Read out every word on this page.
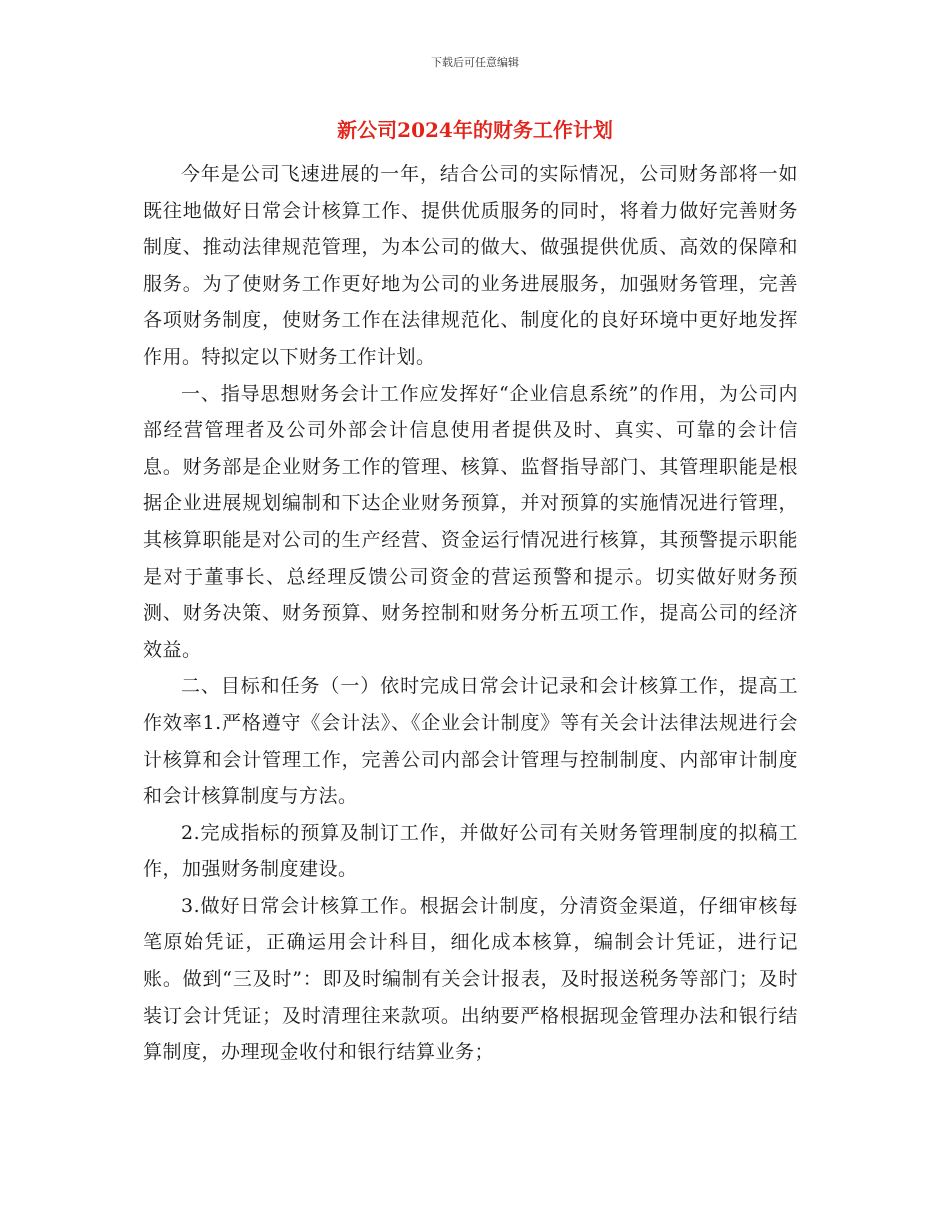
下载后可任意编辑
新公司2024年的财务工作计划

今年是公司飞速进展的一年，结合公司的实际情况，公司财务部将一如既往地做好日常会计核算工作、提供优质服务的同时，将着力做好完善财务制度、推动法律规范管理，为本公司的做大、做强提供优质、高效的保障和服务。为了使财务工作更好地为公司的业务进展服务，加强财务管理，完善各项财务制度，使财务工作在法律规范化、制度化的良好环境中更好地发挥作用。特拟定以下财务工作计划。

一、指导思想财务会计工作应发挥好“企业信息系统”的作用，为公司内部经营管理者及公司外部会计信息使用者提供及时、真实、可靠的会计信息。财务部是企业财务工作的管理、核算、监督指导部门、其管理职能是根据企业进展规划编制和下达企业财务预算，并对预算的实施情况进行管理，其核算职能是对公司的生产经营、资金运行情况进行核算，其预警提示职能是对于董事长、总经理反馈公司资金的营运预警和提示。切实做好财务预测、财务决策、财务预算、财务控制和财务分析五项工作，提高公司的经济效益。

二、目标和任务（一）依时完成日常会计记录和会计核算工作，提高工作效率1.严格遵守《会计法》、《企业会计制度》等有关会计法律法规进行会计核算和会计管理工作，完善公司内部会计管理与控制制度、内部审计制度和会计核算制度与方法。

2.完成指标的预算及制订工作，并做好公司有关财务管理制度的拟稿工作，加强财务制度建设。

3.做好日常会计核算工作。根据会计制度，分清资金渠道，仔细审核每笔原始凭证，正确运用会计科目，细化成本核算，编制会计凭证，进行记账。做到“三及时”：即及时编制有关会计报表，及时报送税务等部门；及时装订会计凭证；及时清理往来款项。出纳要严格根据现金管理办法和银行结算制度，办理现金收付和银行结算业务；
